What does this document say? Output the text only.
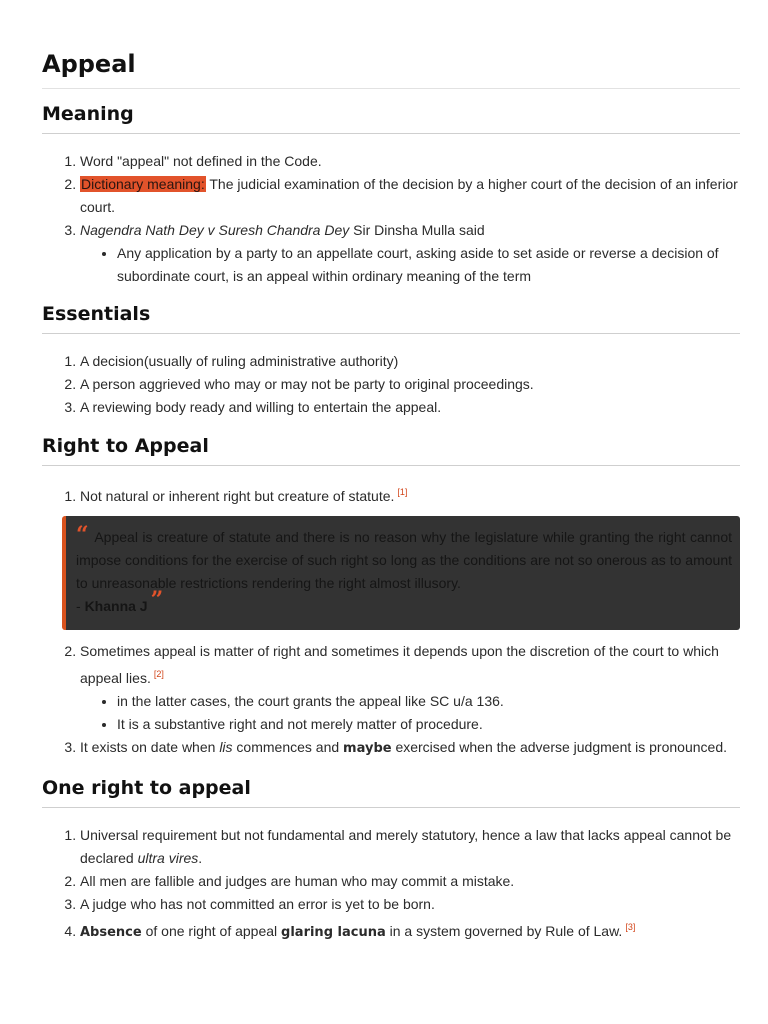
Appeal
Meaning
1. Word "appeal" not defined in the Code.
2. Dictionary meaning: The judicial examination of the decision by a higher court of the decision of an inferior court.
3. Nagendra Nath Dey v Suresh Chandra Dey Sir Dinsha Mulla said
• Any application by a party to an appellate court, asking aside to set aside or reverse a decision of subordinate court, is an appeal within ordinary meaning of the term
Essentials
1. A decision(usually of ruling administrative authority)
2. A person aggrieved who may or may not be party to original proceedings.
3. A reviewing body ready and willing to entertain the appeal.
Right to Appeal
1. Not natural or inherent right but creature of statute. [1]
“ Appeal is creature of statute and there is no reason why the legislature while granting the right cannot impose conditions for the exercise of such right so long as the conditions are not so onerous as to amount to unreasonable restrictions rendering the right almost illusory.
- Khanna J ”
2. Sometimes appeal is matter of right and sometimes it depends upon the discretion of the court to which appeal lies. [2]
• in the latter cases, the court grants the appeal like SC u/a 136.
• It is a substantive right and not merely matter of procedure.
3. It exists on date when lis commences and maybe exercised when the adverse judgment is pronounced.
One right to appeal
1. Universal requirement but not fundamental and merely statutory, hence a law that lacks appeal cannot be declared ultra vires.
2. All men are fallible and judges are human who may commit a mistake.
3. A judge who has not committed an error is yet to be born.
4. Absence of one right of appeal glaring lacuna in a system governed by Rule of Law. [3]
